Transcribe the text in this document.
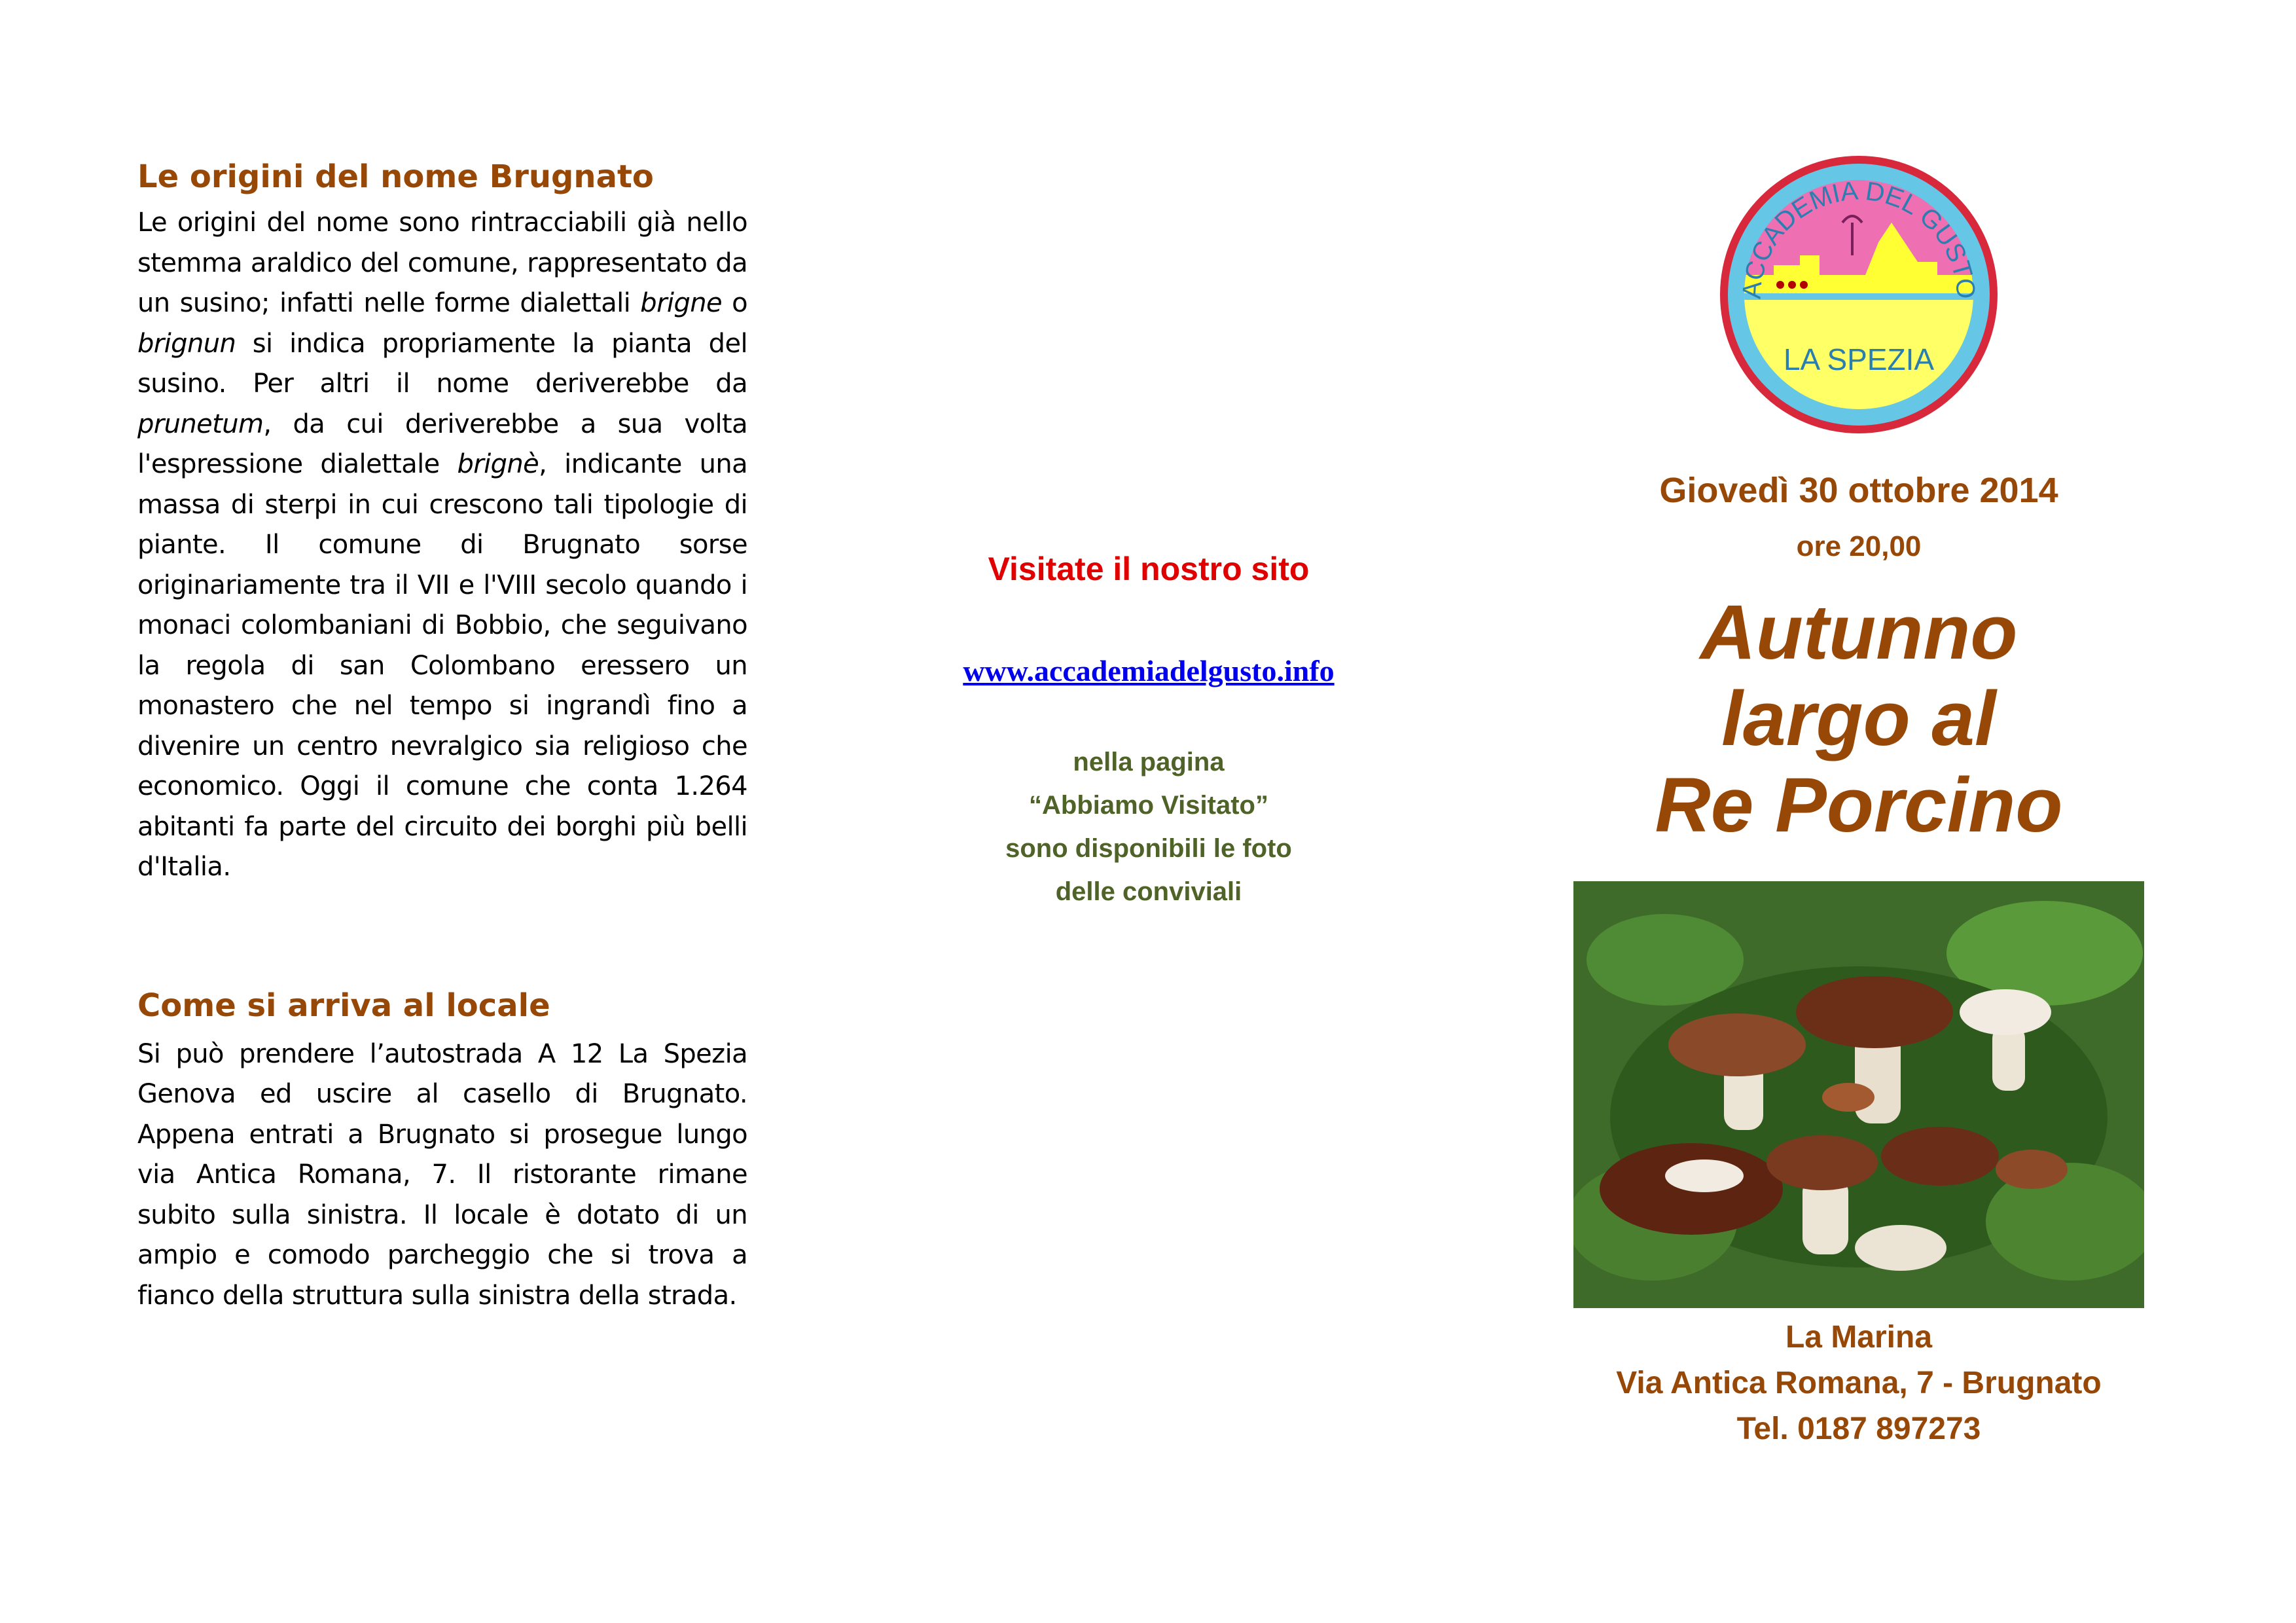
Le origini del nome Brugnato

Le origini del nome sono rintracciabili già nello stemma araldico del comune, rappresentato da un susino; infatti nelle forme dialettali brigne o brignun si indica propriamente la pianta del susino. Per altri il nome deriverebbe da prunetum, da cui deriverebbe a sua volta l'espressione dialettale brignè, indicante una massa di sterpi in cui crescono tali tipologie di piante. Il comune di Brugnato sorse originariamente tra il VII e l'VIII secolo quando i monaci colombaniani di Bobbio, che seguivano la regola di san Colombano eressero un monastero che nel tempo si ingrandì fino a divenire un centro nevralgico sia religioso che economico. Oggi il comune che conta 1.264 abitanti fa parte del circuito dei borghi più belli d'Italia.

Come si arriva al locale

Si può prendere l’autostrada A 12 La Spezia Genova ed uscire al casello di Brugnato. Appena entrati a Brugnato si prosegue lungo via Antica Romana, 7. Il ristorante rimane subito sulla sinistra. Il locale è dotato di un ampio e comodo parcheggio che si trova a fianco della struttura sulla sinistra della strada.

Visitate il nostro sito

www.accademiadelgusto.info
nella pagina
“Abbiamo Visitato”
sono disponibili le foto
delle conviviali
ACCADEMIA DEL GUSTO
LA SPEZIA
Giovedì 30 ottobre 2014
ore 20,00
Autunno
largo al
Re Porcino
La Marina
Via Antica Romana, 7 - Brugnato
Tel. 0187 897273
